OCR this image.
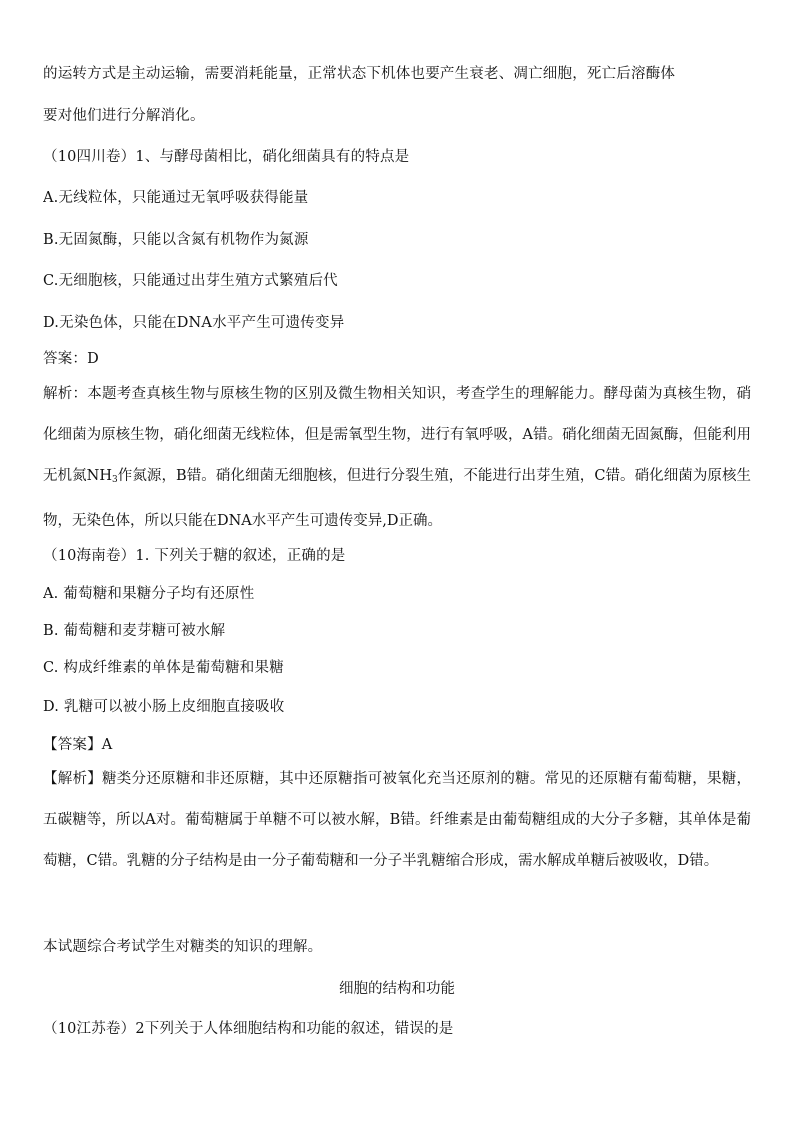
的运转方式是主动运输，需要消耗能量，正常状态下机体也要产生衰老、凋亡细胞，死亡后溶酶体
要对他们进行分解消化。
（10四川卷）1、与酵母菌相比，硝化细菌具有的特点是
A.无线粒体，只能通过无氧呼吸获得能量
B.无固氮酶，只能以含氮有机物作为氮源
C.无细胞核，只能通过出芽生殖方式繁殖后代
D.无染色体，只能在DNA水平产生可遗传变异
答案：D
解析：本题考查真核生物与原核生物的区别及微生物相关知识，考查学生的理解能力。酵母菌为真核生物，硝化细菌为原核生物，硝化细菌无线粒体，但是需氧型生物，进行有氧呼吸，A错。硝化细菌无固氮酶，但能利用无机氮$NH_3$作氮源，B错。硝化细菌无细胞核，但进行分裂生殖，不能进行出芽生殖，C错。硝化细菌为原核生物，无染色体，所以只能在DNA水平产生可遗传变异,D正确。
（10海南卷）1. 下列关于糖的叙述，正确的是
A. 葡萄糖和果糖分子均有还原性
B. 葡萄糖和麦芽糖可被水解
C. 构成纤维素的单体是葡萄糖和果糖
D. 乳糖可以被小肠上皮细胞直接吸收
【答案】A
【解析】糖类分还原糖和非还原糖，其中还原糖指可被氧化充当还原剂的糖。常见的还原糖有葡萄糖，果糖，五碳糖等，所以A对。葡萄糖属于单糖不可以被水解，B错。纤维素是由葡萄糖组成的大分子多糖，其单体是葡萄糖，C错。乳糖的分子结构是由一分子葡萄糖和一分子半乳糖缩合形成，需水解成单糖后被吸收，D错。
本试题综合考试学生对糖类的知识的理解。
细胞的结构和功能
（10江苏卷）2下列关于人体细胞结构和功能的叙述，错误的是
